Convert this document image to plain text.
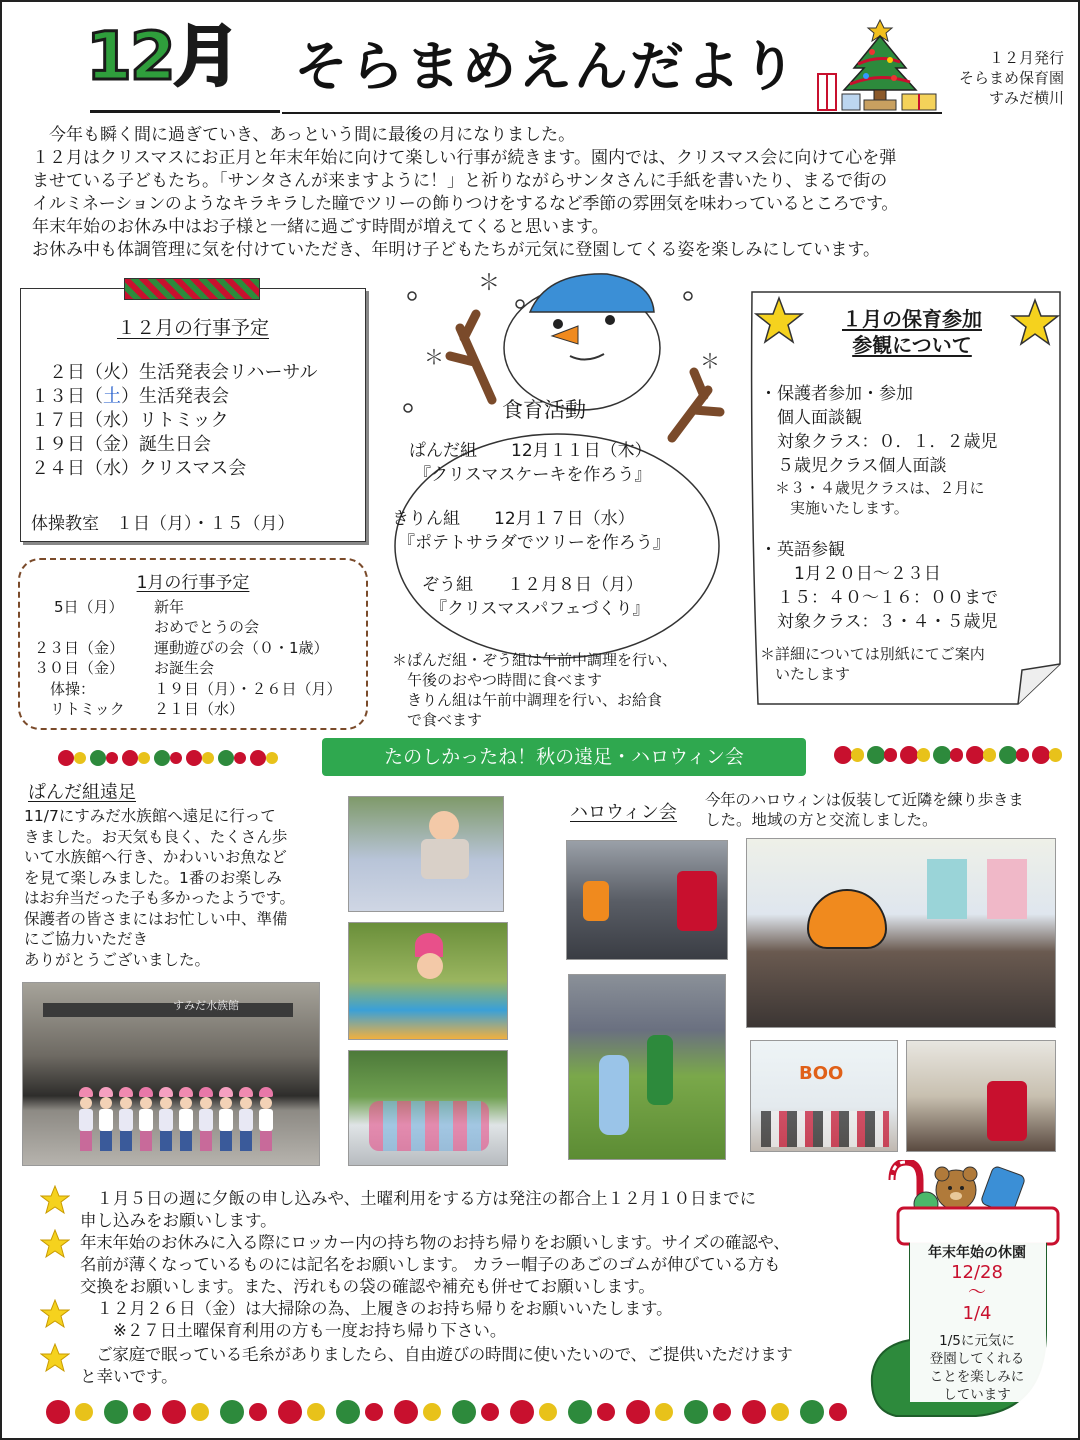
12月 そらまめえんだより	１２月発行
そらまめ保育園
すみだ横川

　今年も瞬く間に過ぎていき、あっという間に最後の月になりました。

１２月はクリスマスにお正月と年末年始に向けて楽しい行事が続きます。園内では、クリスマス会に向けて心を弾

ませている子どもたち。「サンタさんが来ますように！」と祈りながらサンタさんに手紙を書いたり、まるで街の

イルミネーションのようなキラキラした瞳でツリーの飾りつけをするなど季節の雰囲気を味わっているところです。

年末年始のお休み中はお子様と一緒に過ごす時間が増えてくると思います。

お休み中も体調管理に気を付けていただき、年明け子どもたちが元気に登園してくる姿を楽しみにしています。

１２月の行事予定
　２日（火）生活発表会リハーサル
１３日（土）生活発表会
１７日（水）リトミック
１９日（金）誕生日会
２４日（水）クリスマス会
体操教室　１日（月）・１５（月）
1月の行事予定
5日（月） 新年
おめでとうの会
２３日（金） 運動遊びの会（０・1歳）
３０日（金） お誕生会
体操：	１９日（月）・２６日（月）
リトミック ２１日（水）
＊
＊	＊
食育活動
ぱんだ組　　12月１１日（木）
『クリスマスケーキを作ろう』
きりん組　　12月１７日（水）
『ポテトサラダでツリーを作ろう』
ぞう組　　１２月８日（月）
『クリスマスパフェづくり』
＊ぱんだ組・ぞう組は午前中調理を行い、
　午後のおやつ時間に食べます
　きりん組は午前中調理を行い、お給食
　で食べます
１月の保育参加
参観について
・保護者参加・参加
　個人面談観
　対象クラス：０．１．２歳児
　５歳児クラス個人面談
　＊３・４歳児クラスは、２月に
　　実施いたします。
・英語参観
　　1月２０日～２３日
　１５：４０～１６：００まで
　対象クラス：３・４・５歳児
＊詳細については別紙にてご案内
　いたします
たのしかったね！秋の遠足・ハロウィン会
ぱんだ組遠足
11/7にすみだ水族館へ遠足に行って
きました。お天気も良く、たくさん歩
いて水族館へ行き、かわいいお魚など
を見て楽しみました。1番のお楽しみ
はお弁当だった子も多かったようです。
保護者の皆さまにはお忙しい中、準備
にご協力いただき
ありがとうございました。
ハロウィン会
今年のハロウィンは仮装して近隣を練り歩きま
した。地域の方と交流しました。
すみだ水族館
BOO
　１月５日の週に夕飯の申し込みや、土曜利用をする方は発注の都合上１２月１０日までに
申し込みをお願いします。
年末年始のお休みに入る際にロッカー内の持ち物のお持ち帰りをお願いします。サイズの確認や、
名前が薄くなっているものには記名をお願いします。 カラー帽子のあごのゴムが伸びている方も
交換をお願いします。また、汚れもの袋の確認や補充も併せてお願いします。
　１２月２６日（金）は大掃除の為、上履きのお持ち帰りをお願いいたします。
　　※２７日土曜保育利用の方も一度お持ち帰り下さい。
　ご家庭で眠っている毛糸がありましたら、自由遊びの時間に使いたいので、ご提供いただけます
と幸いです。
年末年始の休園
12/28
～
1/4
1/5に元気に
登園してくれる
ことを楽しみに
しています
